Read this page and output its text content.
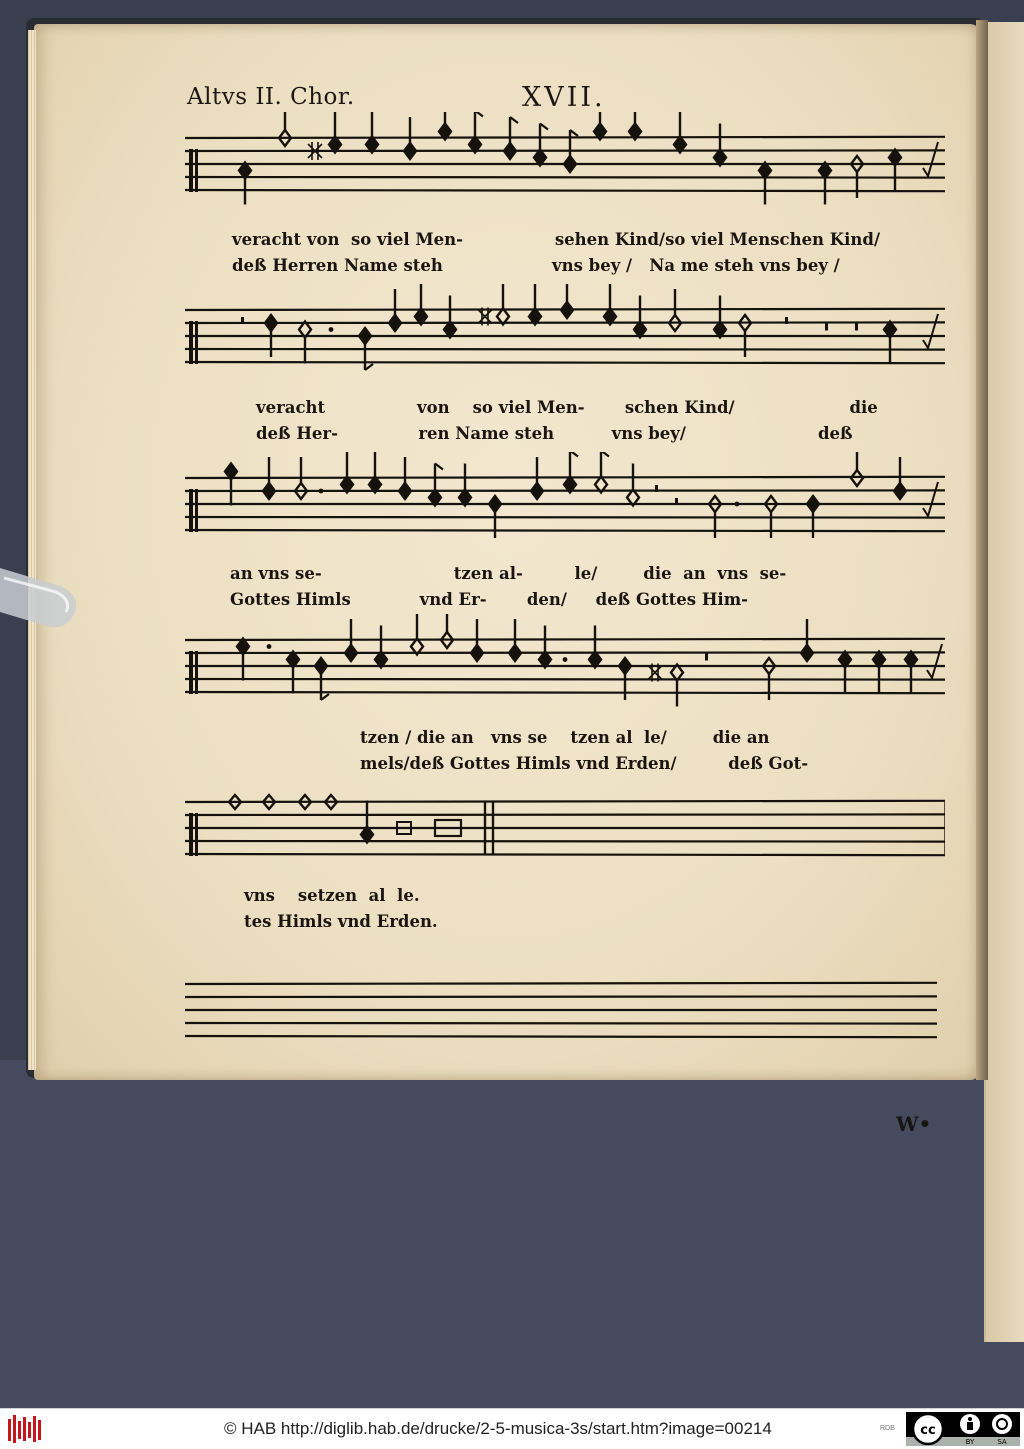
Altvs II. Chor.	XVII.
veracht von  so viel Men-                sehen Kind/so viel Menschen Kind/
deß Herren Name steh                   vns bey /   Na me steh vns bey /
veracht                von    so viel Men-       schen Kind/                    die
deß Her-              ren Name steh          vns bey/                       deß
an vns se-                       tzen al-         le/        die  an  vns  se-
Gottes Himls            vnd Er-       den/     deß Gottes Him-
tzen / die an   vns se    tzen al  le/        die an
mels/deß Gottes Himls vnd Erden/         deß Got-
vns    setzen  al  le.
tes Himls vnd Erden.
W•
© HAB http://diglib.hab.de/drucke/2-5-musica-3s/start.htm?image=00214	RDB cc
BY	SA
